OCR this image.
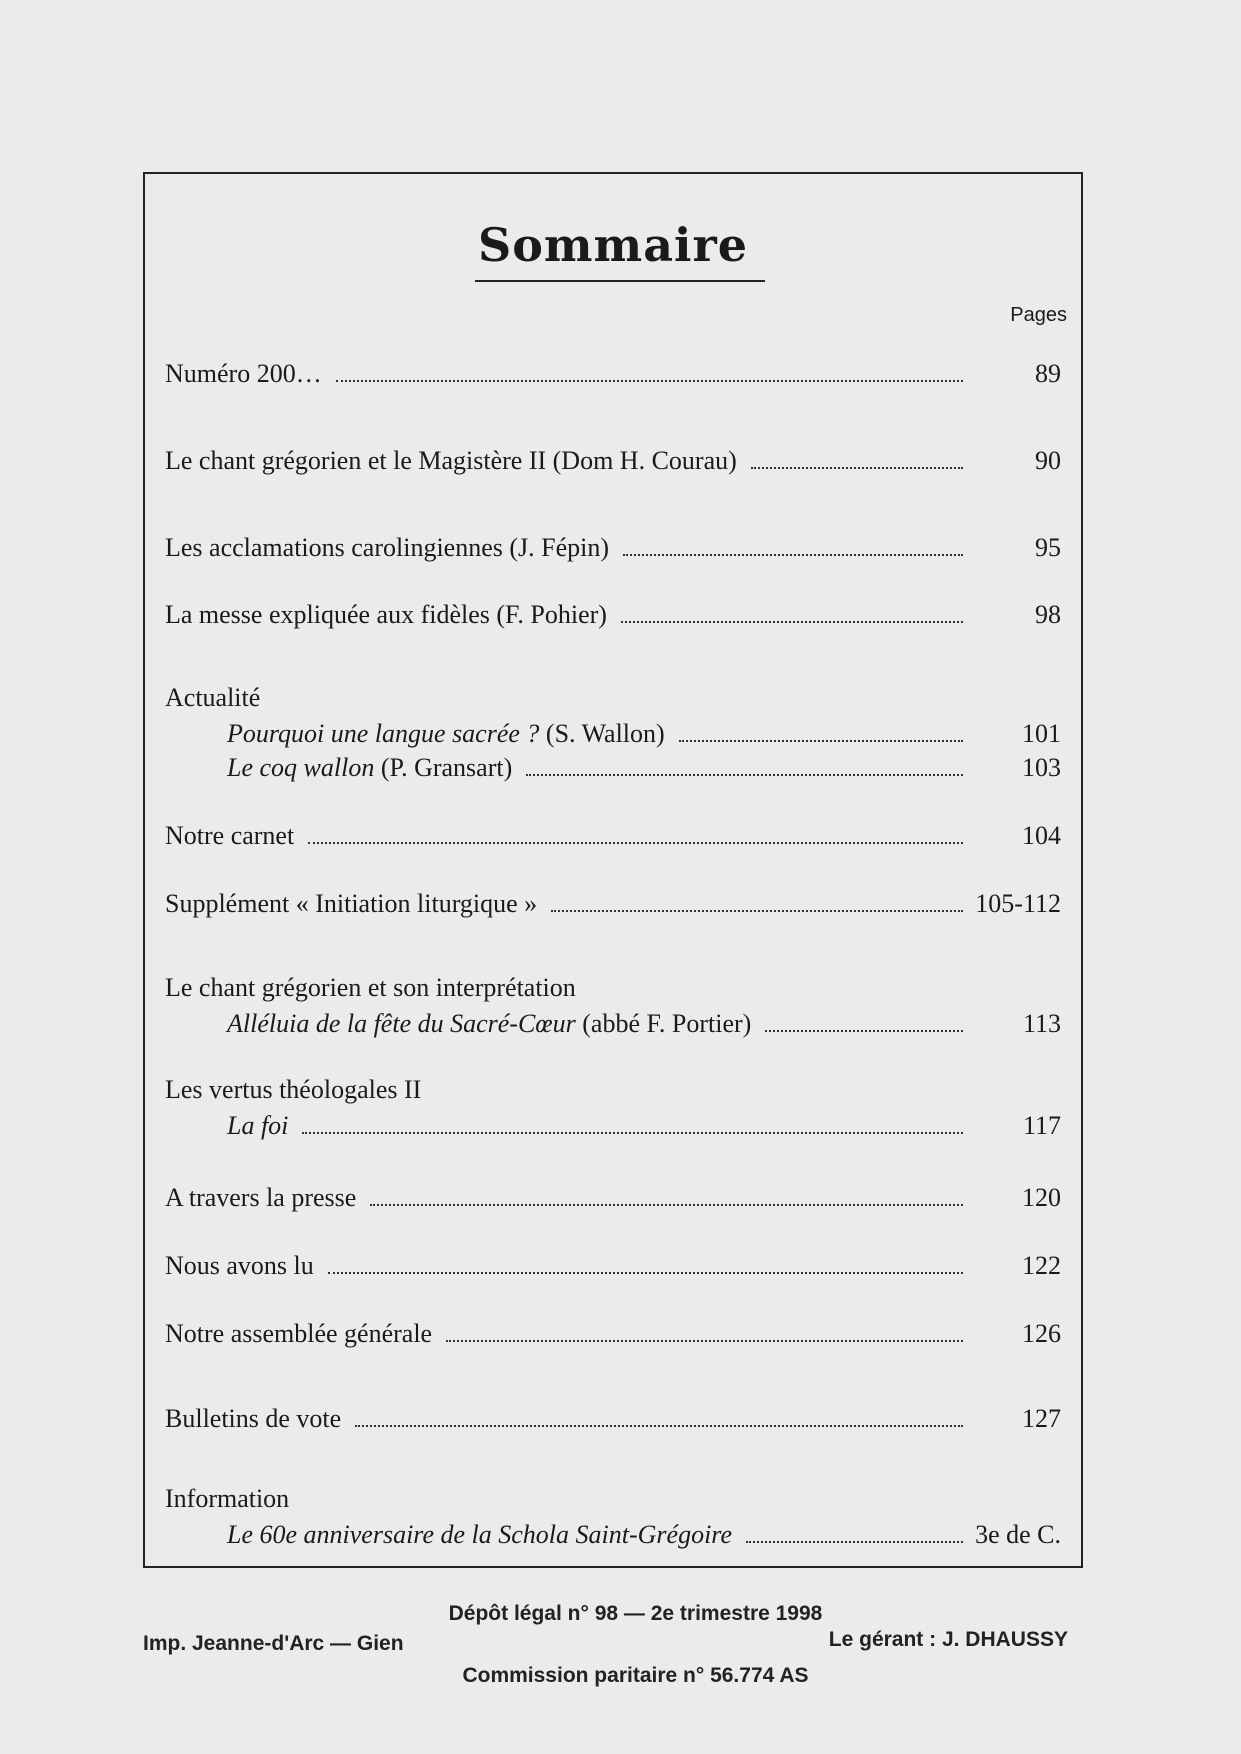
Sommaire
Pages
Numéro 200…	89
Le chant grégorien et le Magistère II (Dom H. Courau)	90
Les acclamations carolingiennes (J. Fépin)	95
La messe expliquée aux fidèles (F. Pohier)	98
Actualité
Pourquoi une langue sacrée ? (S. Wallon)	101
Le coq wallon (P. Gransart)	103
Notre carnet	104
Supplément « Initiation liturgique »	105-112
Le chant grégorien et son interprétation
Alléluia de la fête du Sacré-Cœur (abbé F. Portier)	113
Les vertus théologales II
La foi	117
A travers la presse	120
Nous avons lu	122
Notre assemblée générale	126
Bulletins de vote	127
Information
Le 60e anniversaire de la Schola Saint-Grégoire	3e de C.
Dépôt légal n° 98 — 2e trimestre 1998
Imp. Jeanne-d'Arc — Gien	Le gérant : J. DHAUSSY
Commission paritaire n° 56.774 AS
